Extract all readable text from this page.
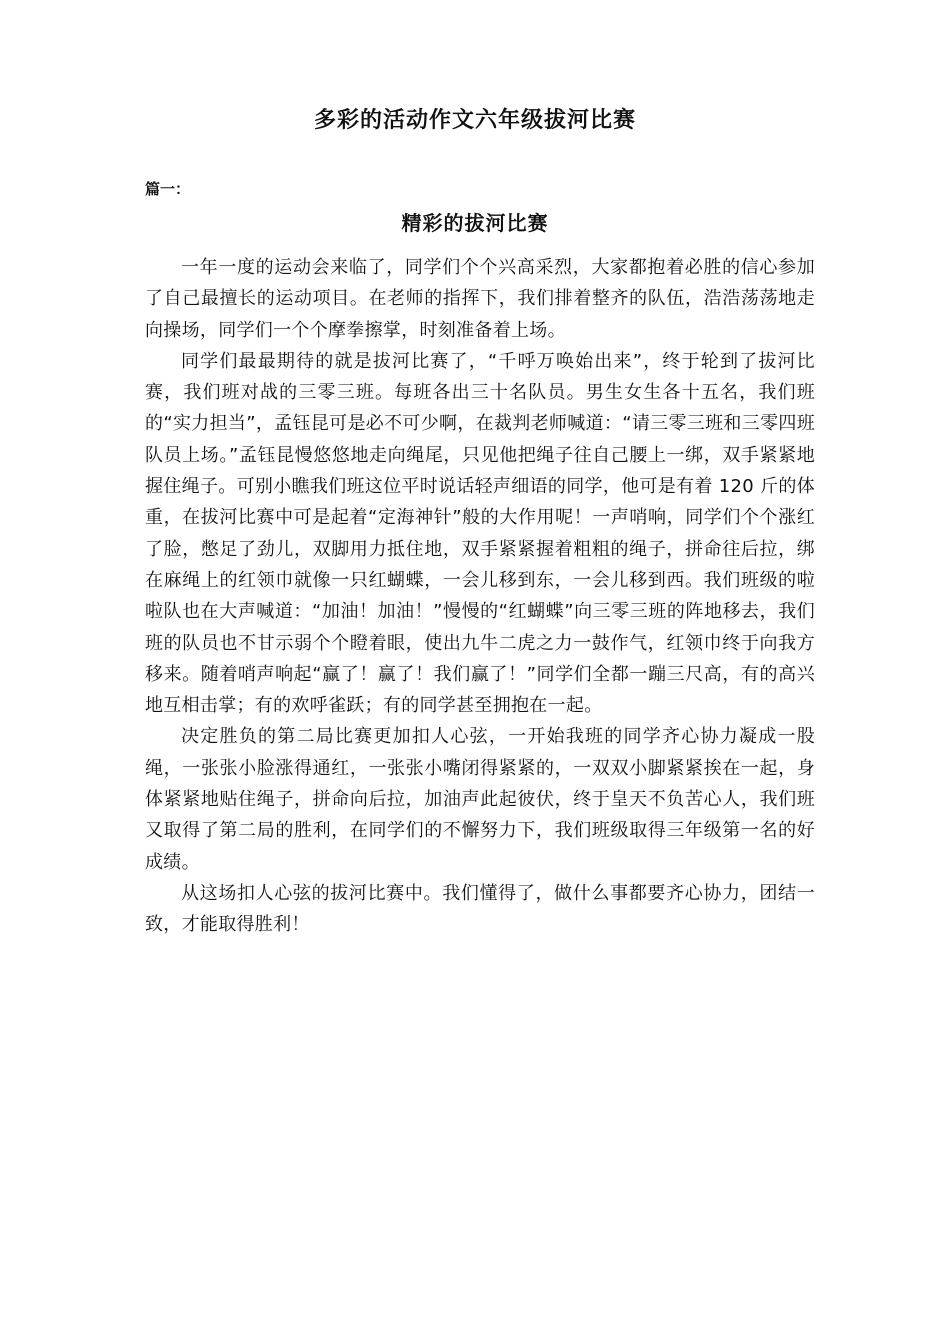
多彩的活动作文六年级拔河比赛
篇一：
精彩的拔河比赛

一年一度的运动会来临了，同学们个个兴高采烈，大家都抱着必胜的信心参加了自己最擅长的运动项目。在老师的指挥下，我们排着整齐的队伍，浩浩荡荡地走向操场，同学们一个个摩拳擦掌，时刻准备着上场。

同学们最最期待的就是拔河比赛了，“千呼万唤始出来”，终于轮到了拔河比赛，我们班对战的三零三班。每班各出三十名队员。男生女生各十五名，我们班的“实力担当”，孟钰昆可是必不可少啊，在裁判老师喊道：“请三零三班和三零四班队员上场。”孟钰昆慢悠悠地走向绳尾，只见他把绳子往自己腰上一绑，双手紧紧地握住绳子。可别小瞧我们班这位平时说话轻声细语的同学，他可是有着 120 斤的体重，在拔河比赛中可是起着“定海神针”般的大作用呢！一声哨响，同学们个个涨红了脸，憋足了劲儿，双脚用力抵住地，双手紧紧握着粗粗的绳子，拼命往后拉，绑在麻绳上的红领巾就像一只红蝴蝶，一会儿移到东，一会儿移到西。我们班级的啦啦队也在大声喊道：“加油！加油！”慢慢的“红蝴蝶”向三零三班的阵地移去，我们班的队员也不甘示弱个个瞪着眼，使出九牛二虎之力一鼓作气，红领巾终于向我方移来。随着哨声响起“赢了！赢了！我们赢了！”同学们全都一蹦三尺高，有的高兴地互相击掌；有的欢呼雀跃；有的同学甚至拥抱在一起。

决定胜负的第二局比赛更加扣人心弦，一开始我班的同学齐心协力凝成一股绳，一张张小脸涨得通红，一张张小嘴闭得紧紧的，一双双小脚紧紧挨在一起，身体紧紧地贴住绳子，拼命向后拉，加油声此起彼伏，终于皇天不负苦心人，我们班又取得了第二局的胜利，在同学们的不懈努力下，我们班级取得三年级第一名的好成绩。

从这场扣人心弦的拔河比赛中。我们懂得了，做什么事都要齐心协力，团结一致，才能取得胜利！
